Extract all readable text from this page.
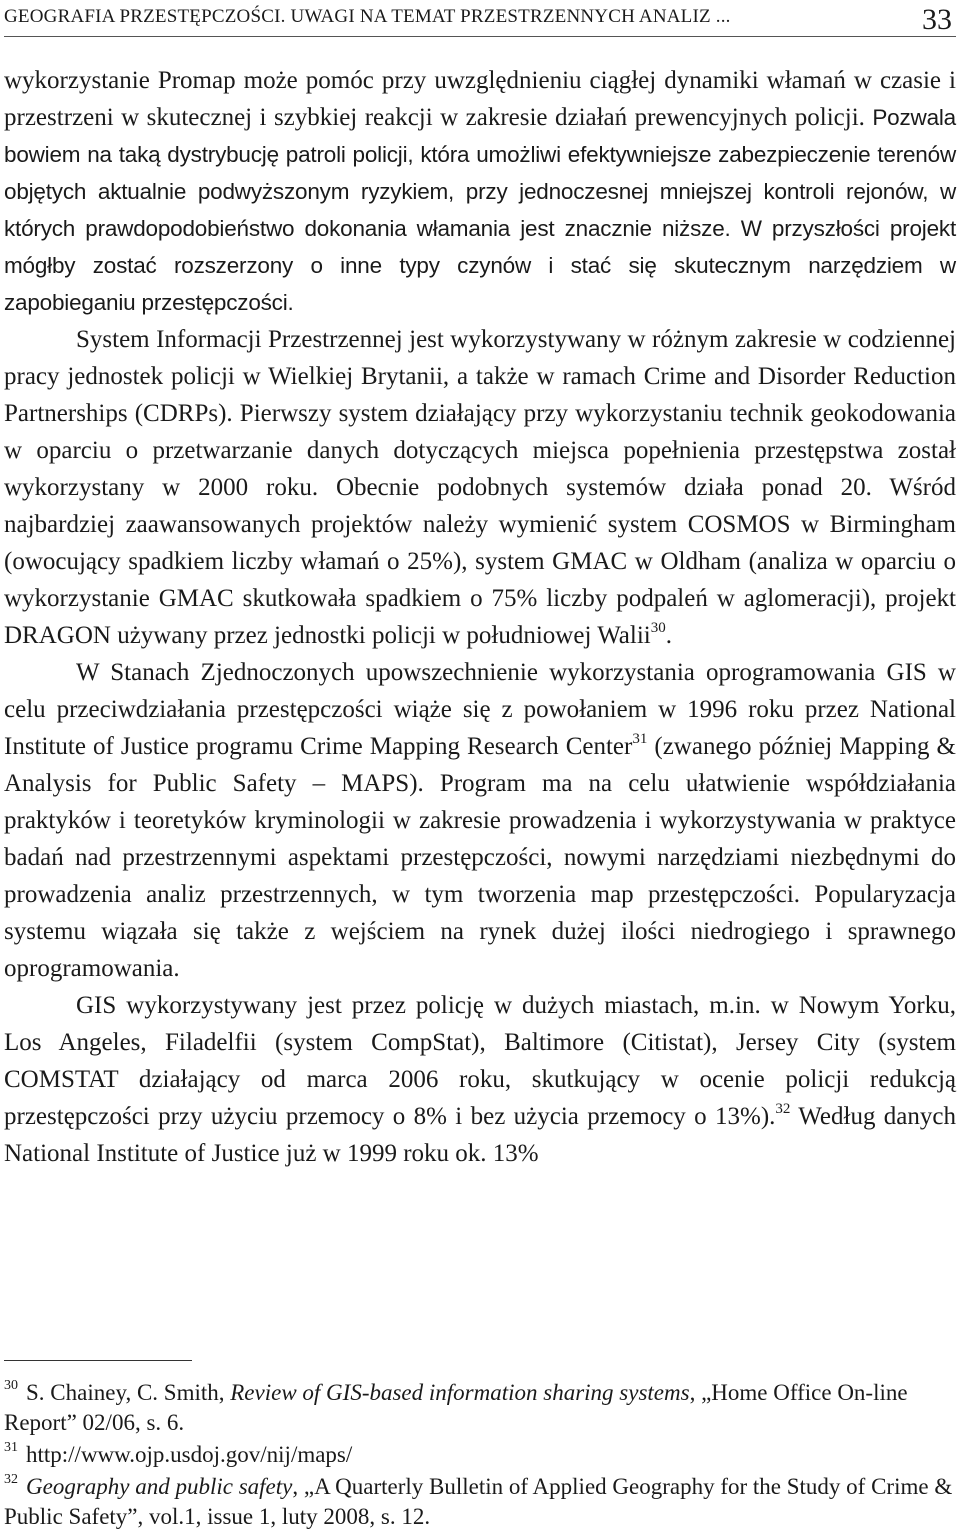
GEOGRAFIA PRZESTĘPCZOŚCI. UWAGI NA TEMAT PRZESTRZENNYCH ANALIZ ...	33

wykorzystanie Promap może pomóc przy uwzględnieniu ciągłej dynamiki włamań w czasie i przestrzeni w skutecznej i szybkiej reakcji w zakresie działań prewencyjnych policji. Pozwala bowiem na taką dystrybucję patroli policji, która umożliwi efektywniejsze zabezpieczenie terenów objętych aktualnie podwyższonym ryzykiem, przy jednoczesnej mniejszej kontroli rejonów, w których prawdopodobieństwo dokonania włamania jest znacznie niższe. W przyszłości projekt mógłby zostać rozszerzony o inne typy czynów i stać się skutecznym narzędziem w zapobieganiu przestępczości.

System Informacji Przestrzennej jest wykorzystywany w różnym zakresie w codziennej pracy jednostek policji w Wielkiej Brytanii, a także w ramach Crime and Disorder Reduction Partnerships (CDRPs). Pierwszy system działający przy wykorzystaniu technik geokodowania w oparciu o przetwarzanie danych dotyczących miejsca popełnienia przestępstwa został wykorzystany w 2000 roku. Obecnie podobnych systemów działa ponad 20. Wśród najbardziej zaawansowanych projektów należy wymienić system COSMOS w Birmingham (owocujący spadkiem liczby włamań o 25%), system GMAC w Oldham (analiza w oparciu o wykorzystanie GMAC skutkowała spadkiem o 75% liczby podpaleń w aglomeracji), projekt DRAGON używany przez jednostki policji w południowej Walii$^{30}$.

W Stanach Zjednoczonych upowszechnienie wykorzystania oprogramowania GIS w celu przeciwdziałania przestępczości wiąże się z powołaniem w 1996 roku przez National Institute of Justice programu Crime Mapping Research Center$^{31}$ (zwanego później Mapping & Analysis for Public Safety – MAPS). Program ma na celu ułatwienie współdziałania praktyków i teoretyków kryminologii w zakresie prowadzenia i wykorzystywania w praktyce badań nad przestrzennymi aspektami przestępczości, nowymi narzędziami niezbędnymi do prowadzenia analiz przestrzennych, w tym tworzenia map przestępczości. Popularyzacja systemu wiązała się także z wejściem na rynek dużej ilości niedrogiego i sprawnego oprogramowania.

GIS wykorzystywany jest przez policję w dużych miastach, m.in. w Nowym Yorku, Los Angeles, Filadelfii (system CompStat), Baltimore (Citistat), Jersey City (system COMSTAT działający od marca 2006 roku, skutkujący w ocenie policji redukcją przestępczości przy użyciu przemocy o 8% i bez użycia przemocy o 13%).$^{32}$ Według danych National Institute of Justice już w 1999 roku ok. 13%

$^{30}$ S. Chainey, C. Smith, Review of GIS-based information sharing systems, „Home Office On-line Report” 02/06, s. 6.

$^{31}$ http://www.ojp.usdoj.gov/nij/maps/

$^{32}$ Geography and public safety, „A Quarterly Bulletin of Applied Geography for the Study of Crime & Public Safety”, vol.1, issue 1, luty 2008, s. 12.
